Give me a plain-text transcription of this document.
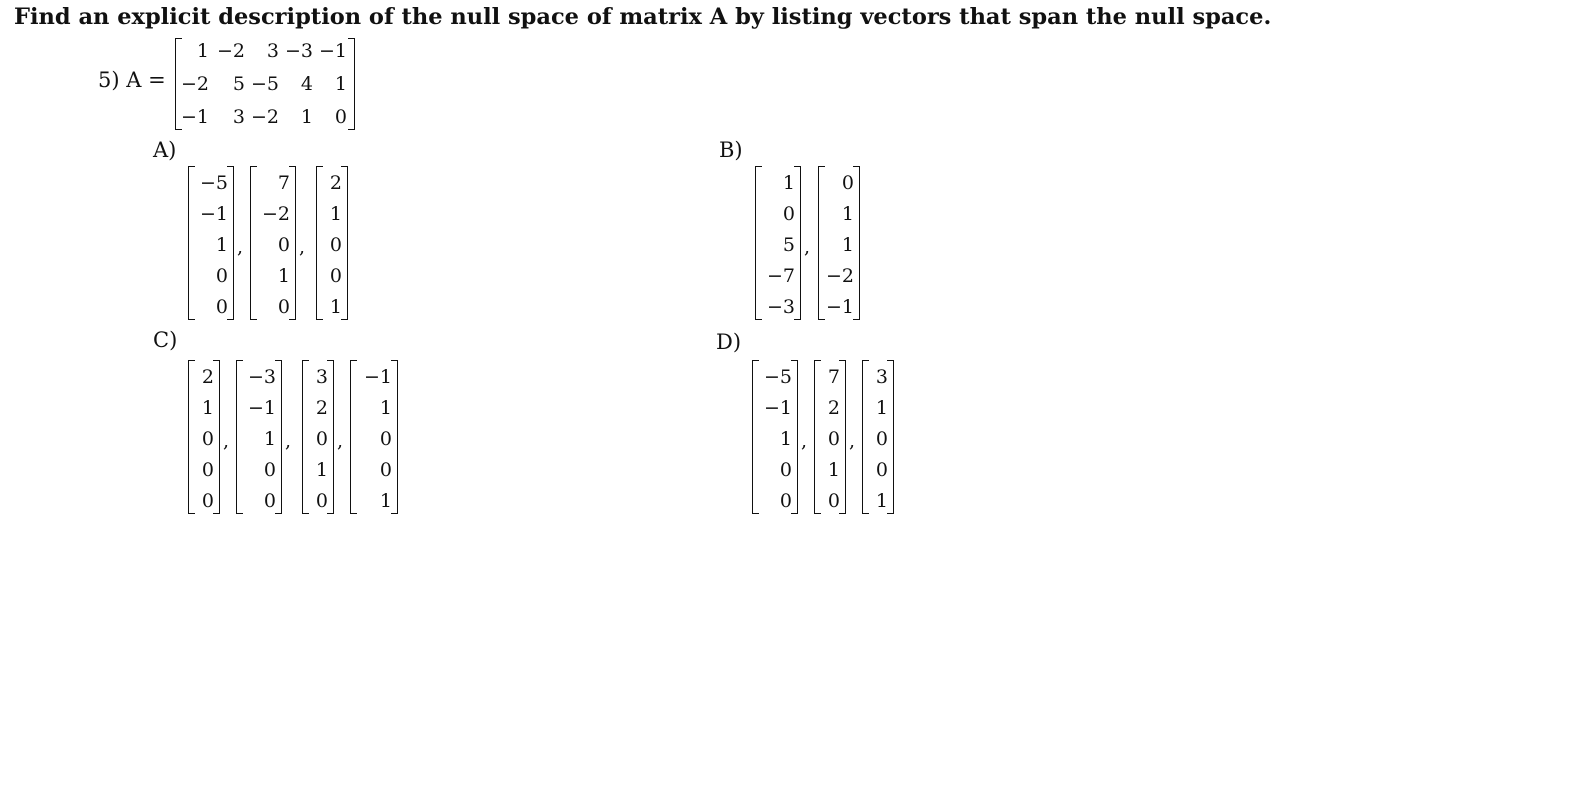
Find an explicit description of the null space of matrix A by listing vectors that span the null space.
5) A =
1 −2 3 −3 −1
−2 5 −5 4 1
−1 3 −2 1 0
A)	B)
C)	D)
−5
−1
1
0
0
,
7
−2
0
1
0
,
2
1
0
0
1
1
0
5
−7
−3
,
0
1
1
−2
−1
2
1
0
0
0
,
−3
−1
1
0
0
,
3
2
0
1
0
,
−1
1
0
0
1
−5
−1
1
0
0
,
7
2
0
1
0
,
3
1
0
0
1
